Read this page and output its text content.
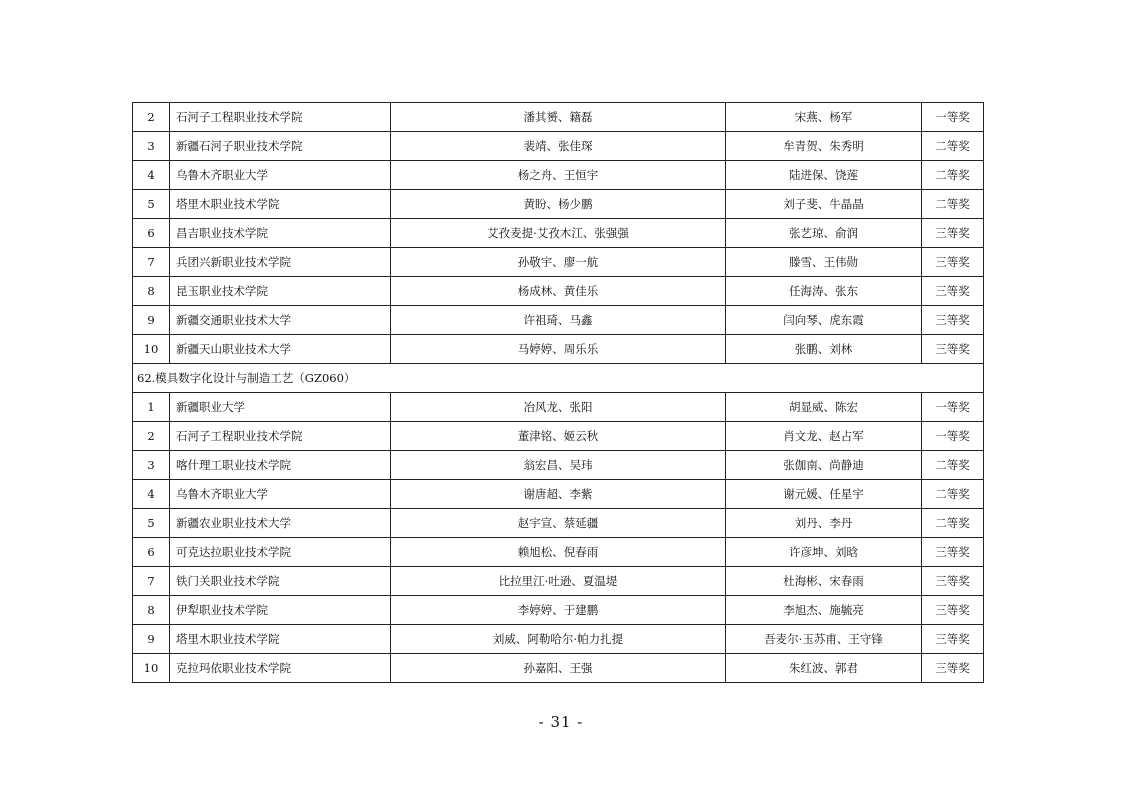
2	石河子工程职业技术学院	潘其赟、籍磊	宋燕、杨军	一等奖
3	新疆石河子职业技术学院	裴靖、张佳琛	牟青贺、朱秀明	二等奖
4	乌鲁木齐职业大学	杨之舟、王恒宇	陆进保、饶莲	二等奖
5	塔里木职业技术学院	黄盼、杨少鹏	刘子斐、牛晶晶	二等奖
6	昌吉职业技术学院	艾孜麦提·艾孜木江、张强强	张艺琼、俞润	三等奖
7	兵团兴新职业技术学院	孙敬宇、廖一航	滕雪、王伟勋	三等奖
8	昆玉职业技术学院	杨成林、黄佳乐	任海涛、张东	三等奖
9	新疆交通职业技术大学	许祖琦、马鑫	闫向琴、虎东霞	三等奖
10	新疆天山职业技术大学	马婷婷、周乐乐	张鹏、刘林	三等奖
62.模具数字化设计与制造工艺（GZ060）				
1	新疆职业大学	冶风龙、张阳	胡显威、陈宏	一等奖
2	石河子工程职业技术学院	董津铭、姬云秋	肖文龙、赵占军	一等奖
3	喀什理工职业技术学院	翁宏昌、吴玮	张伽南、尚静迪	二等奖
4	乌鲁木齐职业大学	谢唐超、李紫	谢元媛、任星宇	二等奖
5	新疆农业职业技术大学	赵宇宣、蔡延疆	刘丹、李丹	二等奖
6	可克达拉职业技术学院	赖旭松、倪春雨	许彦坤、刘晗	三等奖
7	铁门关职业技术学院	比拉里江·吐逊、夏温堤	杜海彬、宋春雨	三等奖
8	伊犁职业技术学院	李婷婷、于建鹏	李旭杰、施毓亮	三等奖
9	塔里木职业技术学院	刘威、阿勒哈尔·帕力扎提	吾麦尔·玉苏甫、王守锋	三等奖
10	克拉玛依职业技术学院	孙嘉阳、王强	朱红波、郭君	三等奖
- 31 -
